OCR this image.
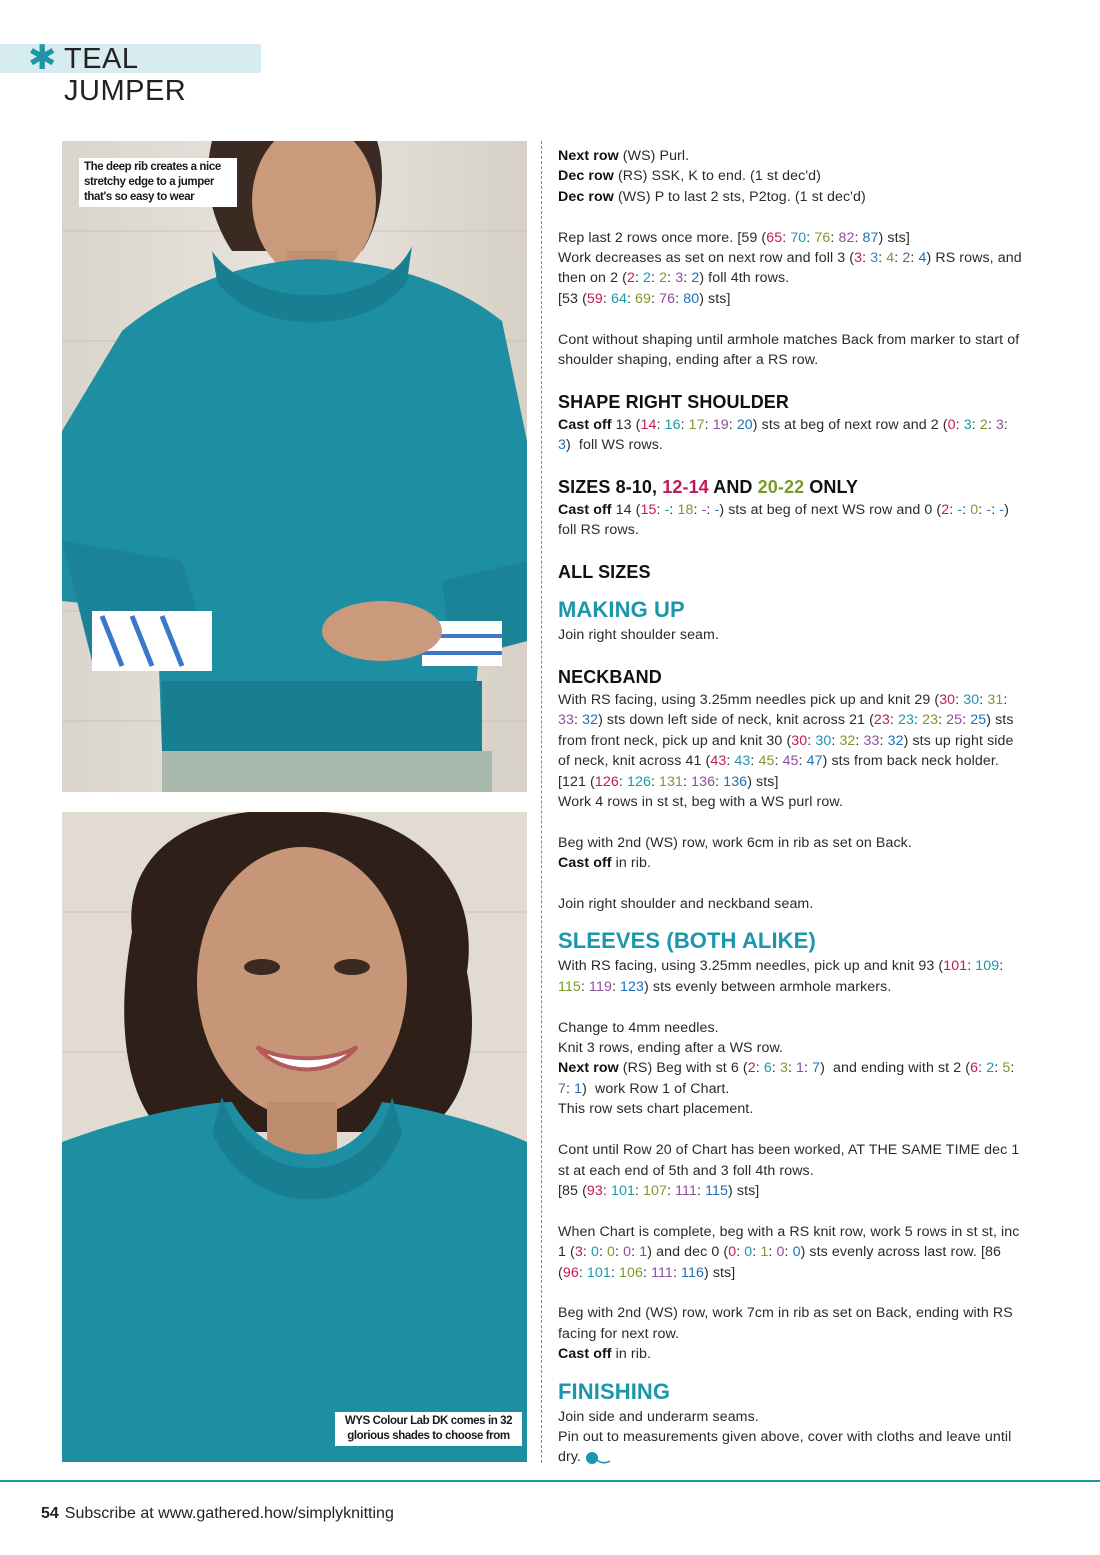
✱ TEAL JUMPER
The deep rib creates a nice stretchy edge to a jumper that's so easy to wear
WYS Colour Lab DK comes in 32 glorious shades to choose from

Next row (WS) Purl.
Dec row (RS) SSK, K to end. (1 st dec'd)
Dec row (WS) P to last 2 sts, P2tog. (1 st dec'd)

Rep last 2 rows once more. [59 (65: 70: 76: 82: 87) sts]
Work decreases as set on next row and foll 3 (3: 3: 4: 2: 4) RS rows, and then on 2 (2: 2: 2: 3: 2) foll 4th rows.
[53 (59: 64: 69: 76: 80) sts]

Cont without shaping until armhole matches Back from marker to start of shoulder shaping, ending after a RS row.

SHAPE RIGHT SHOULDER

Cast off 13 (14: 16: 17: 19: 20) sts at beg of next row and 2 (0: 3: 2: 3: 3)  foll WS rows.

SIZES 8-10, 12-14 AND 20-22 ONLY

Cast off 14 (15: -: 18: -: -) sts at beg of next WS row and 0 (2: -: 0: -: -) foll RS rows.

ALL SIZES
MAKING UP

Join right shoulder seam.

NECKBAND

With RS facing, using 3.25mm needles pick up and knit 29 (30: 30: 31: 33: 32) sts down left side of neck, knit across 21 (23: 23: 23: 25: 25) sts from front neck, pick up and knit 30 (30: 30: 32: 33: 32) sts up right side of neck, knit across 41 (43: 43: 45: 45: 47) sts from back neck holder. [121 (126: 126: 131: 136: 136) sts]
Work 4 rows in st st, beg with a WS purl row.

Beg with 2nd (WS) row, work 6cm in rib as set on Back.
Cast off in rib.

Join right shoulder and neckband seam.

SLEEVES (BOTH ALIKE)

With RS facing, using 3.25mm needles, pick up and knit 93 (101: 109: 115: 119: 123) sts evenly between armhole markers.

Change to 4mm needles.
Knit 3 rows, ending after a WS row.
Next row (RS) Beg with st 6 (2: 6: 3: 1: 7)  and ending with st 2 (6: 2: 5: 7: 1)  work Row 1 of Chart.
This row sets chart placement.

Cont until Row 20 of Chart has been worked, AT THE SAME TIME dec 1 st at each end of 5th and 3 foll 4th rows.
[85 (93: 101: 107: 111: 115) sts]

When Chart is complete, beg with a RS knit row, work 5 rows in st st, inc 1 (3: 0: 0: 0: 1) and dec 0 (0: 0: 1: 0: 0) sts evenly across last row. [86 (96: 101: 106: 111: 116) sts]

Beg with 2nd (WS) row, work 7cm in rib as set on Back, ending with RS facing for next row.
Cast off in rib.

FINISHING

Join side and underarm seams.
Pin out to measurements given above, cover with cloths and leave until dry.

54 Subscribe at www.gathered.how/simplyknitting
